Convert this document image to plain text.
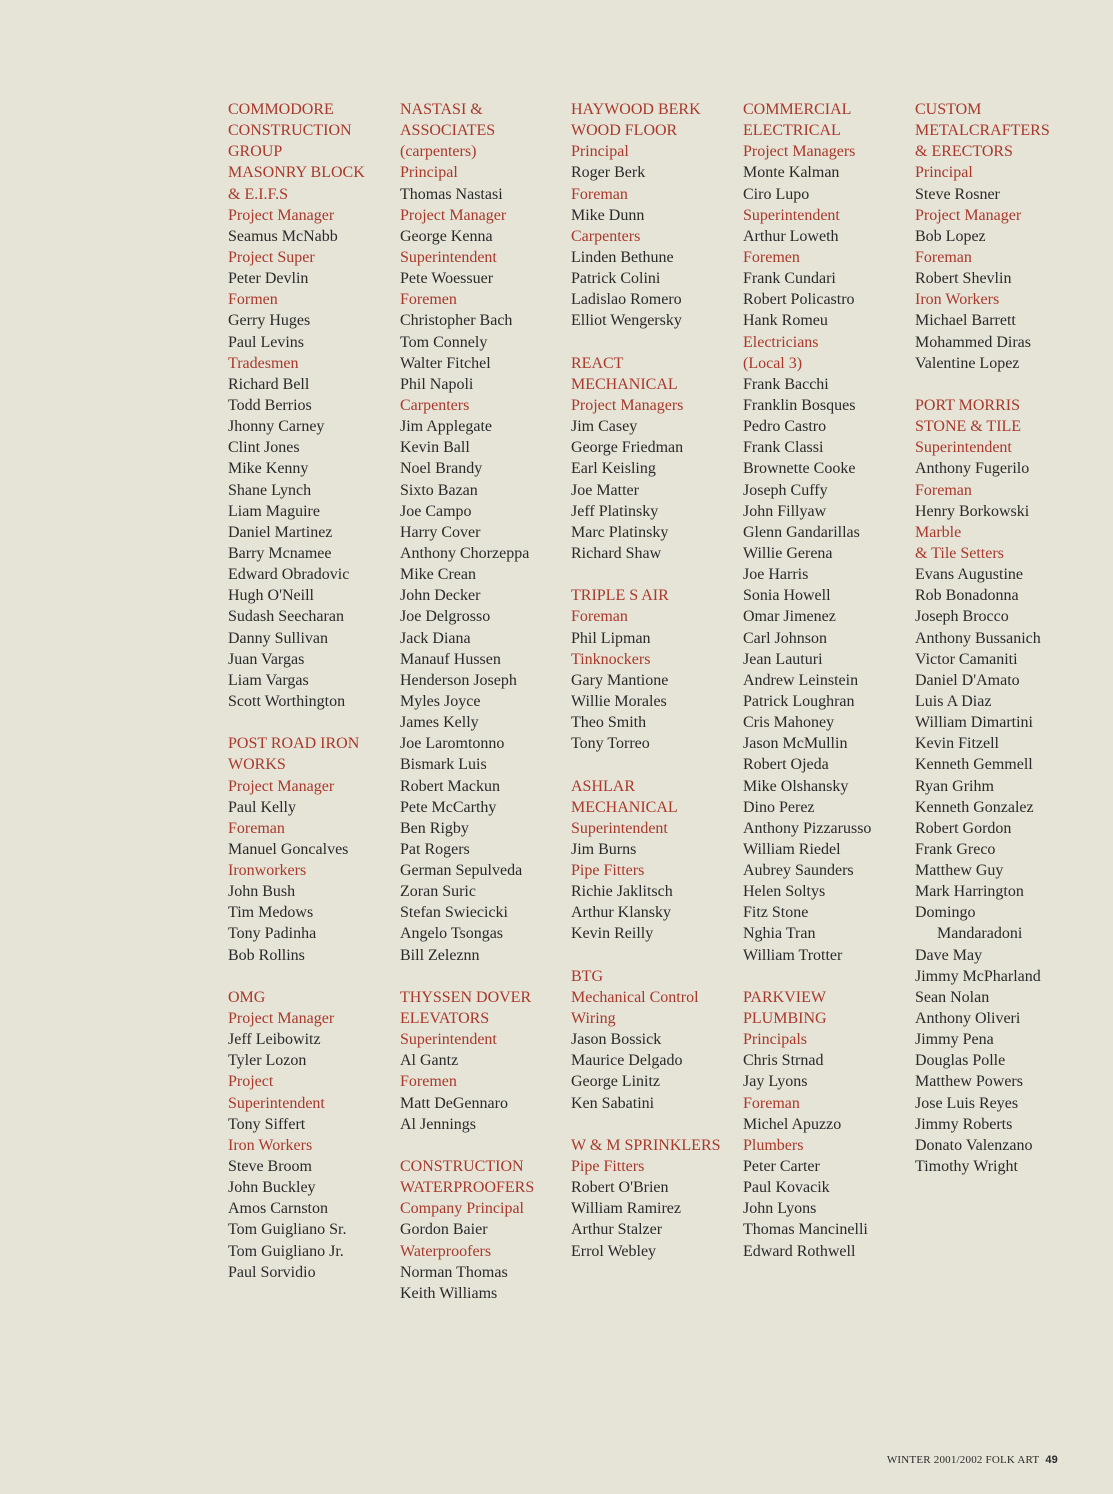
COMMODORE
CONSTRUCTION
GROUP
MASONRY BLOCK
& E.I.F.S
Project Manager
Seamus McNabb
Project Super
Peter Devlin
Formen
Gerry Huges
Paul Levins
Tradesmen
Richard Bell
Todd Berrios
Jhonny Carney
Clint Jones
Mike Kenny
Shane Lynch
Liam Maguire
Daniel Martinez
Barry Mcnamee
Edward Obradovic
Hugh O'Neill
Sudash Seecharan
Danny Sullivan
Juan Vargas
Liam Vargas
Scott Worthington
POST ROAD IRON
WORKS
Project Manager
Paul Kelly
Foreman
Manuel Goncalves
Ironworkers
John Bush
Tim Medows
Tony Padinha
Bob Rollins
OMG
Project Manager
Jeff Leibowitz
Tyler Lozon
Project
Superintendent
Tony Siffert
Iron Workers
Steve Broom
John Buckley
Amos Carnston
Tom Guigliano Sr.
Tom Guigliano Jr.
Paul Sorvidio
NASTASI &
ASSOCIATES
(carpenters)
Principal
Thomas Nastasi
Project Manager
George Kenna
Superintendent
Pete Woessuer
Foremen
Christopher Bach
Tom Connely
Walter Fitchel
Phil Napoli
Carpenters
Jim Applegate
Kevin Ball
Noel Brandy
Sixto Bazan
Joe Campo
Harry Cover
Anthony Chorzeppa
Mike Crean
John Decker
Joe Delgrosso
Jack Diana
Manauf Hussen
Henderson Joseph
Myles Joyce
James Kelly
Joe Laromtonno
Bismark Luis
Robert Mackun
Pete McCarthy
Ben Rigby
Pat Rogers
German Sepulveda
Zoran Suric
Stefan Swiecicki
Angelo Tsongas
Bill Zeleznn
THYSSEN DOVER
ELEVATORS
Superintendent
Al Gantz
Foremen
Matt DeGennaro
Al Jennings
CONSTRUCTION
WATERPROOFERS
Company Principal
Gordon Baier
Waterproofers
Norman Thomas
Keith Williams
HAYWOOD BERK
WOOD FLOOR
Principal
Roger Berk
Foreman
Mike Dunn
Carpenters
Linden Bethune
Patrick Colini
Ladislao Romero
Elliot Wengersky
REACT
MECHANICAL
Project Managers
Jim Casey
George Friedman
Earl Keisling
Joe Matter
Jeff Platinsky
Marc Platinsky
Richard Shaw
TRIPLE S AIR
Foreman
Phil Lipman
Tinknockers
Gary Mantione
Willie Morales
Theo Smith
Tony Torreo
ASHLAR
MECHANICAL
Superintendent
Jim Burns
Pipe Fitters
Richie Jaklitsch
Arthur Klansky
Kevin Reilly
BTG
Mechanical Control
Wiring
Jason Bossick
Maurice Delgado
George Linitz
Ken Sabatini
W & M SPRINKLERS
Pipe Fitters
Robert O'Brien
William Ramirez
Arthur Stalzer
Errol Webley
COMMERCIAL
ELECTRICAL
Project Managers
Monte Kalman
Ciro Lupo
Superintendent
Arthur Loweth
Foremen
Frank Cundari
Robert Policastro
Hank Romeu
Electricians
(Local 3)
Frank Bacchi
Franklin Bosques
Pedro Castro
Frank Classi
Brownette Cooke
Joseph Cuffy
John Fillyaw
Glenn Gandarillas
Willie Gerena
Joe Harris
Sonia Howell
Omar Jimenez
Carl Johnson
Jean Lauturi
Andrew Leinstein
Patrick Loughran
Cris Mahoney
Jason McMullin
Robert Ojeda
Mike Olshansky
Dino Perez
Anthony Pizzarusso
William Riedel
Aubrey Saunders
Helen Soltys
Fitz Stone
Nghia Tran
William Trotter
PARKVIEW
PLUMBING
Principals
Chris Strnad
Jay Lyons
Foreman
Michel Apuzzo
Plumbers
Peter Carter
Paul Kovacik
John Lyons
Thomas Mancinelli
Edward Rothwell
CUSTOM
METALCRAFTERS
& ERECTORS
Principal
Steve Rosner
Project Manager
Bob Lopez
Foreman
Robert Shevlin
Iron Workers
Michael Barrett
Mohammed Diras
Valentine Lopez
PORT MORRIS
STONE & TILE
Superintendent
Anthony Fugerilo
Foreman
Henry Borkowski
Marble
& Tile Setters
Evans Augustine
Rob Bonadonna
Joseph Brocco
Anthony Bussanich
Victor Camaniti
Daniel D'Amato
Luis A Diaz
William Dimartini
Kevin Fitzell
Kenneth Gemmell
Ryan Grihm
Kenneth Gonzalez
Robert Gordon
Frank Greco
Matthew Guy
Mark Harrington
Domingo
Mandaradoni
Dave May
Jimmy McPharland
Sean Nolan
Anthony Oliveri
Jimmy Pena
Douglas Polle
Matthew Powers
Jose Luis Reyes
Jimmy Roberts
Donato Valenzano
Timothy Wright
WINTER 2001/2002 FOLK ART 49
